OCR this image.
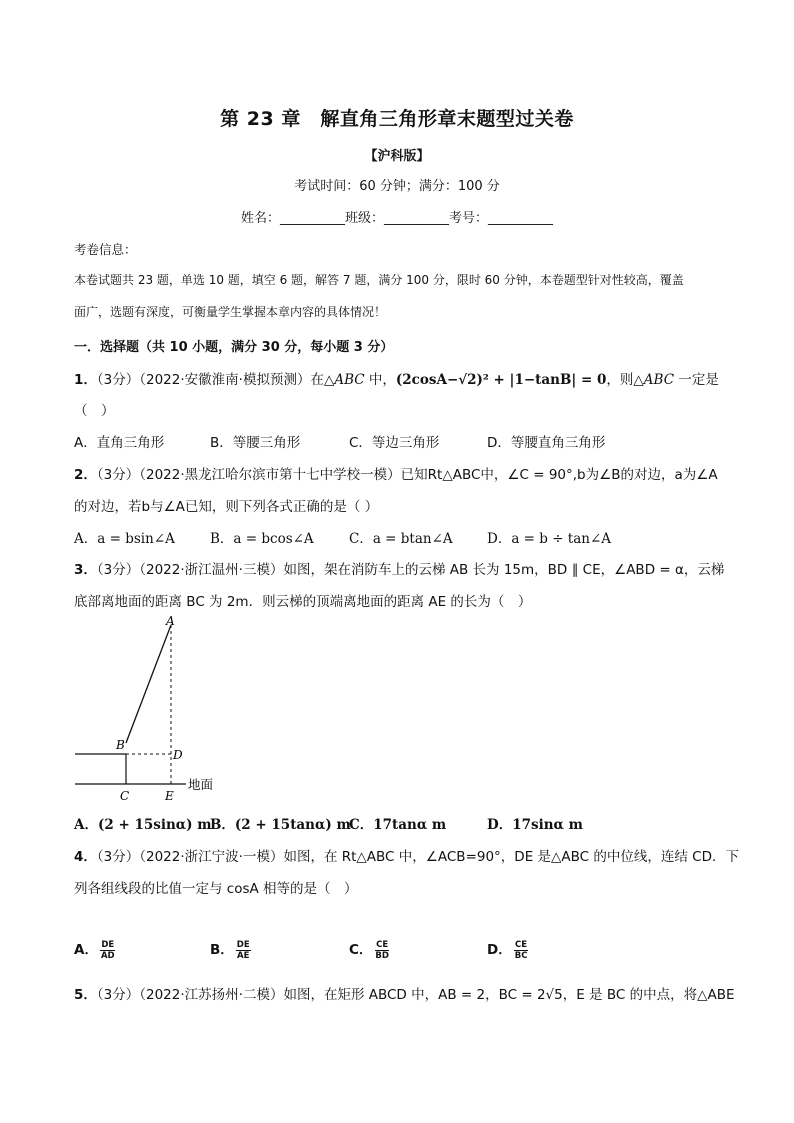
第 23 章　解直角三角形章末题型过关卷
【沪科版】
考试时间：60 分钟；满分：100 分
姓名：__________班级：__________考号：__________
考卷信息：
本卷试题共 23 题，单选 10 题，填空 6 题，解答 7 题，满分 100 分，限时 60 分钟，本卷题型针对性较高，覆盖
面广，选题有深度，可衡量学生掌握本章内容的具体情况！
一．选择题（共 10 小题，满分 30 分，每小题 3 分）
1．（3分）（2022·安徽淮南·模拟预测）在△ABC 中，(2cosA−√2)² + |1−tanB| = 0，则△ABC 一定是
（　）
A．直角三角形	B．等腰三角形	C．等边三角形	D．等腰直角三角形
2．（3分）（2022·黑龙江哈尔滨市第十七中学校一模）已知Rt△ABC中，∠C = 90°,b为∠B的对边，a为∠A
的对边，若b与∠A已知，则下列各式正确的是（ ）
A．a = bsin∠A	B．a = bcos∠A	C．a = btan∠A	D．a = b ÷ tan∠A
3．（3分）（2022·浙江温州·三模）如图，架在消防车上的云梯 AB 长为 15m，BD ∥ CE，∠ABD = α，云梯
底部离地面的距离 BC 为 2m．则云梯的顶端离地面的距离 AE 的长为（　）
A
B
D
C	E
地面
A．(2 + 15sinα) m
B．(2 + 15tanα) m
C．17tanα m	D．17sinα m
4．（3分）（2022·浙江宁波·一模）如图，在 Rt△ABC 中，∠ACB=90°，DE 是△ABC 的中位线，连结 CD．下
列各组线段的比值一定与 cosA 相等的是（　）
A． $\frac{DE}{AD}$	B． $\frac{DE}{AE}$	C． $\frac{CE}{BD}$	D． $\frac{CE}{BC}$
5．（3分）（2022·江苏扬州·二模）如图，在矩形 ABCD 中，AB = 2，BC = 2√5，E 是 BC 的中点，将△ABE
